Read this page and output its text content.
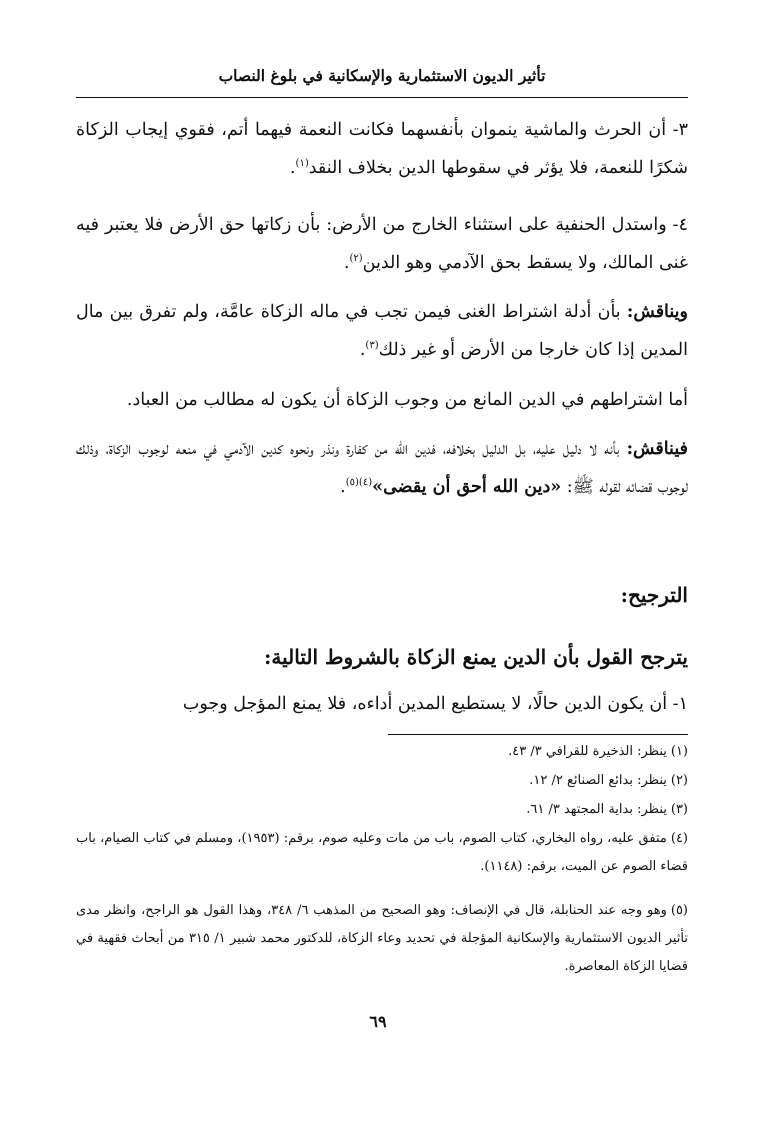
تأثير الديون الاستثمارية والإسكانية في بلوغ النصاب
٣- أن الحرث والماشية ينموان بأنفسهما فكانت النعمة فيهما أتم، فقوي إيجاب الزكاة شكرًا للنعمة، فلا يؤثر في سقوطها الدين بخلاف النقد$^{(١)}$.
٤- واستدل الحنفية على استثناء الخارج من الأرض: بأن زكاتها حق الأرض فلا يعتبر فيه غنى المالك، ولا يسقط بحق الآدمي وهو الدين$^{(٢)}$.
ويناقش: بأن أدلة اشتراط الغنى فيمن تجب في ماله الزكاة عامَّة، ولم تفرق بين مال المدين إذا كان خارجا من الأرض أو غير ذلك$^{(٣)}$.
أما اشتراطهم في الدين المانع من وجوب الزكاة أن يكون له مطالب من العباد.
فيناقش: بأنه لا دليل عليه، بل الدليل بخلافه، فدين الله من كفارة ونذر ونحوه كدين الآدمي في منعه لوجوب الزكاة، وذلك لوجوب قضائه لقوله ﷺ: «دين الله أحق أن يقضى»$^{(٤)(٥)}$.
الترجيح:
يترجح القول بأن الدين يمنع الزكاة بالشروط التالية:
١- أن يكون الدين حالًا، لا يستطيع المدين أداءه، فلا يمنع المؤجل وجوب
(١)ينظر: الذخيرة للقرافي ٣/ ٤٣.
(٢)ينظر: بدائع الصنائع ٢/ ١٢.
(٣)ينظر: بداية المجتهد ٣/ ٦١.
(٤)متفق عليه، رواه البخاري، كتاب الصوم، باب من مات وعليه صوم، برقم: (١٩٥٣)، ومسلم في كتاب الصيام، باب قضاء الصوم عن الميت، برقم: (١١٤٨).
(٥)وهو وجه عند الحنابلة، قال في الإنصاف: وهو الصحيح من المذهب ٦/ ٣٤٨، وهذا القول هو الراجح، وانظر مدى تأثير الديون الاستثمارية والإسكانية المؤجلة في تحديد وعاء الزكاة، للدكتور محمد شبير ١/ ٣١٥ من أبحاث فقهية في قضايا الزكاة المعاصرة.
٦٩
